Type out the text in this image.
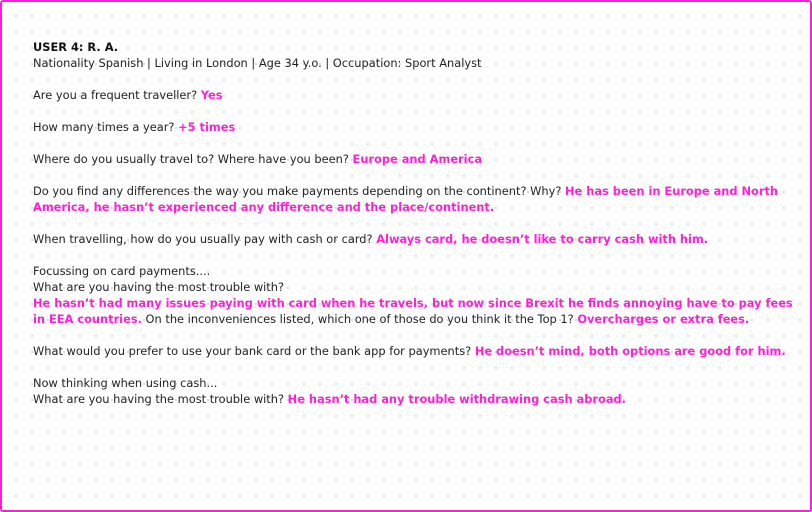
USER 4: R. A.
Nationality Spanish | Living in London | Age 34 y.o. | Occupation: Sport Analyst

Are you a frequent traveller? Yes

How many times a year? +5 times

Where do you usually travel to? Where have you been? Europe and America

Do you find any differences the way you make payments depending on the continent? Why? He has been in Europe and North America, he hasn’t experienced any difference and the place/continent.

When travelling, how do you usually pay with cash or card? Always card, he doesn’t like to carry cash with him.

Focussing on card payments....
What are you having the most trouble with?
He hasn’t had many issues paying with card when he travels, but now since Brexit he finds annoying have to pay fees in EEA countries. On the inconveniences listed, which one of those do you think it the Top 1? Overcharges or extra fees.

What would you prefer to use your bank card or the bank app for payments? He doesn’t mind, both options are good for him.

Now thinking when using cash...
What are you having the most trouble with? He hasn’t had any trouble withdrawing cash abroad.
